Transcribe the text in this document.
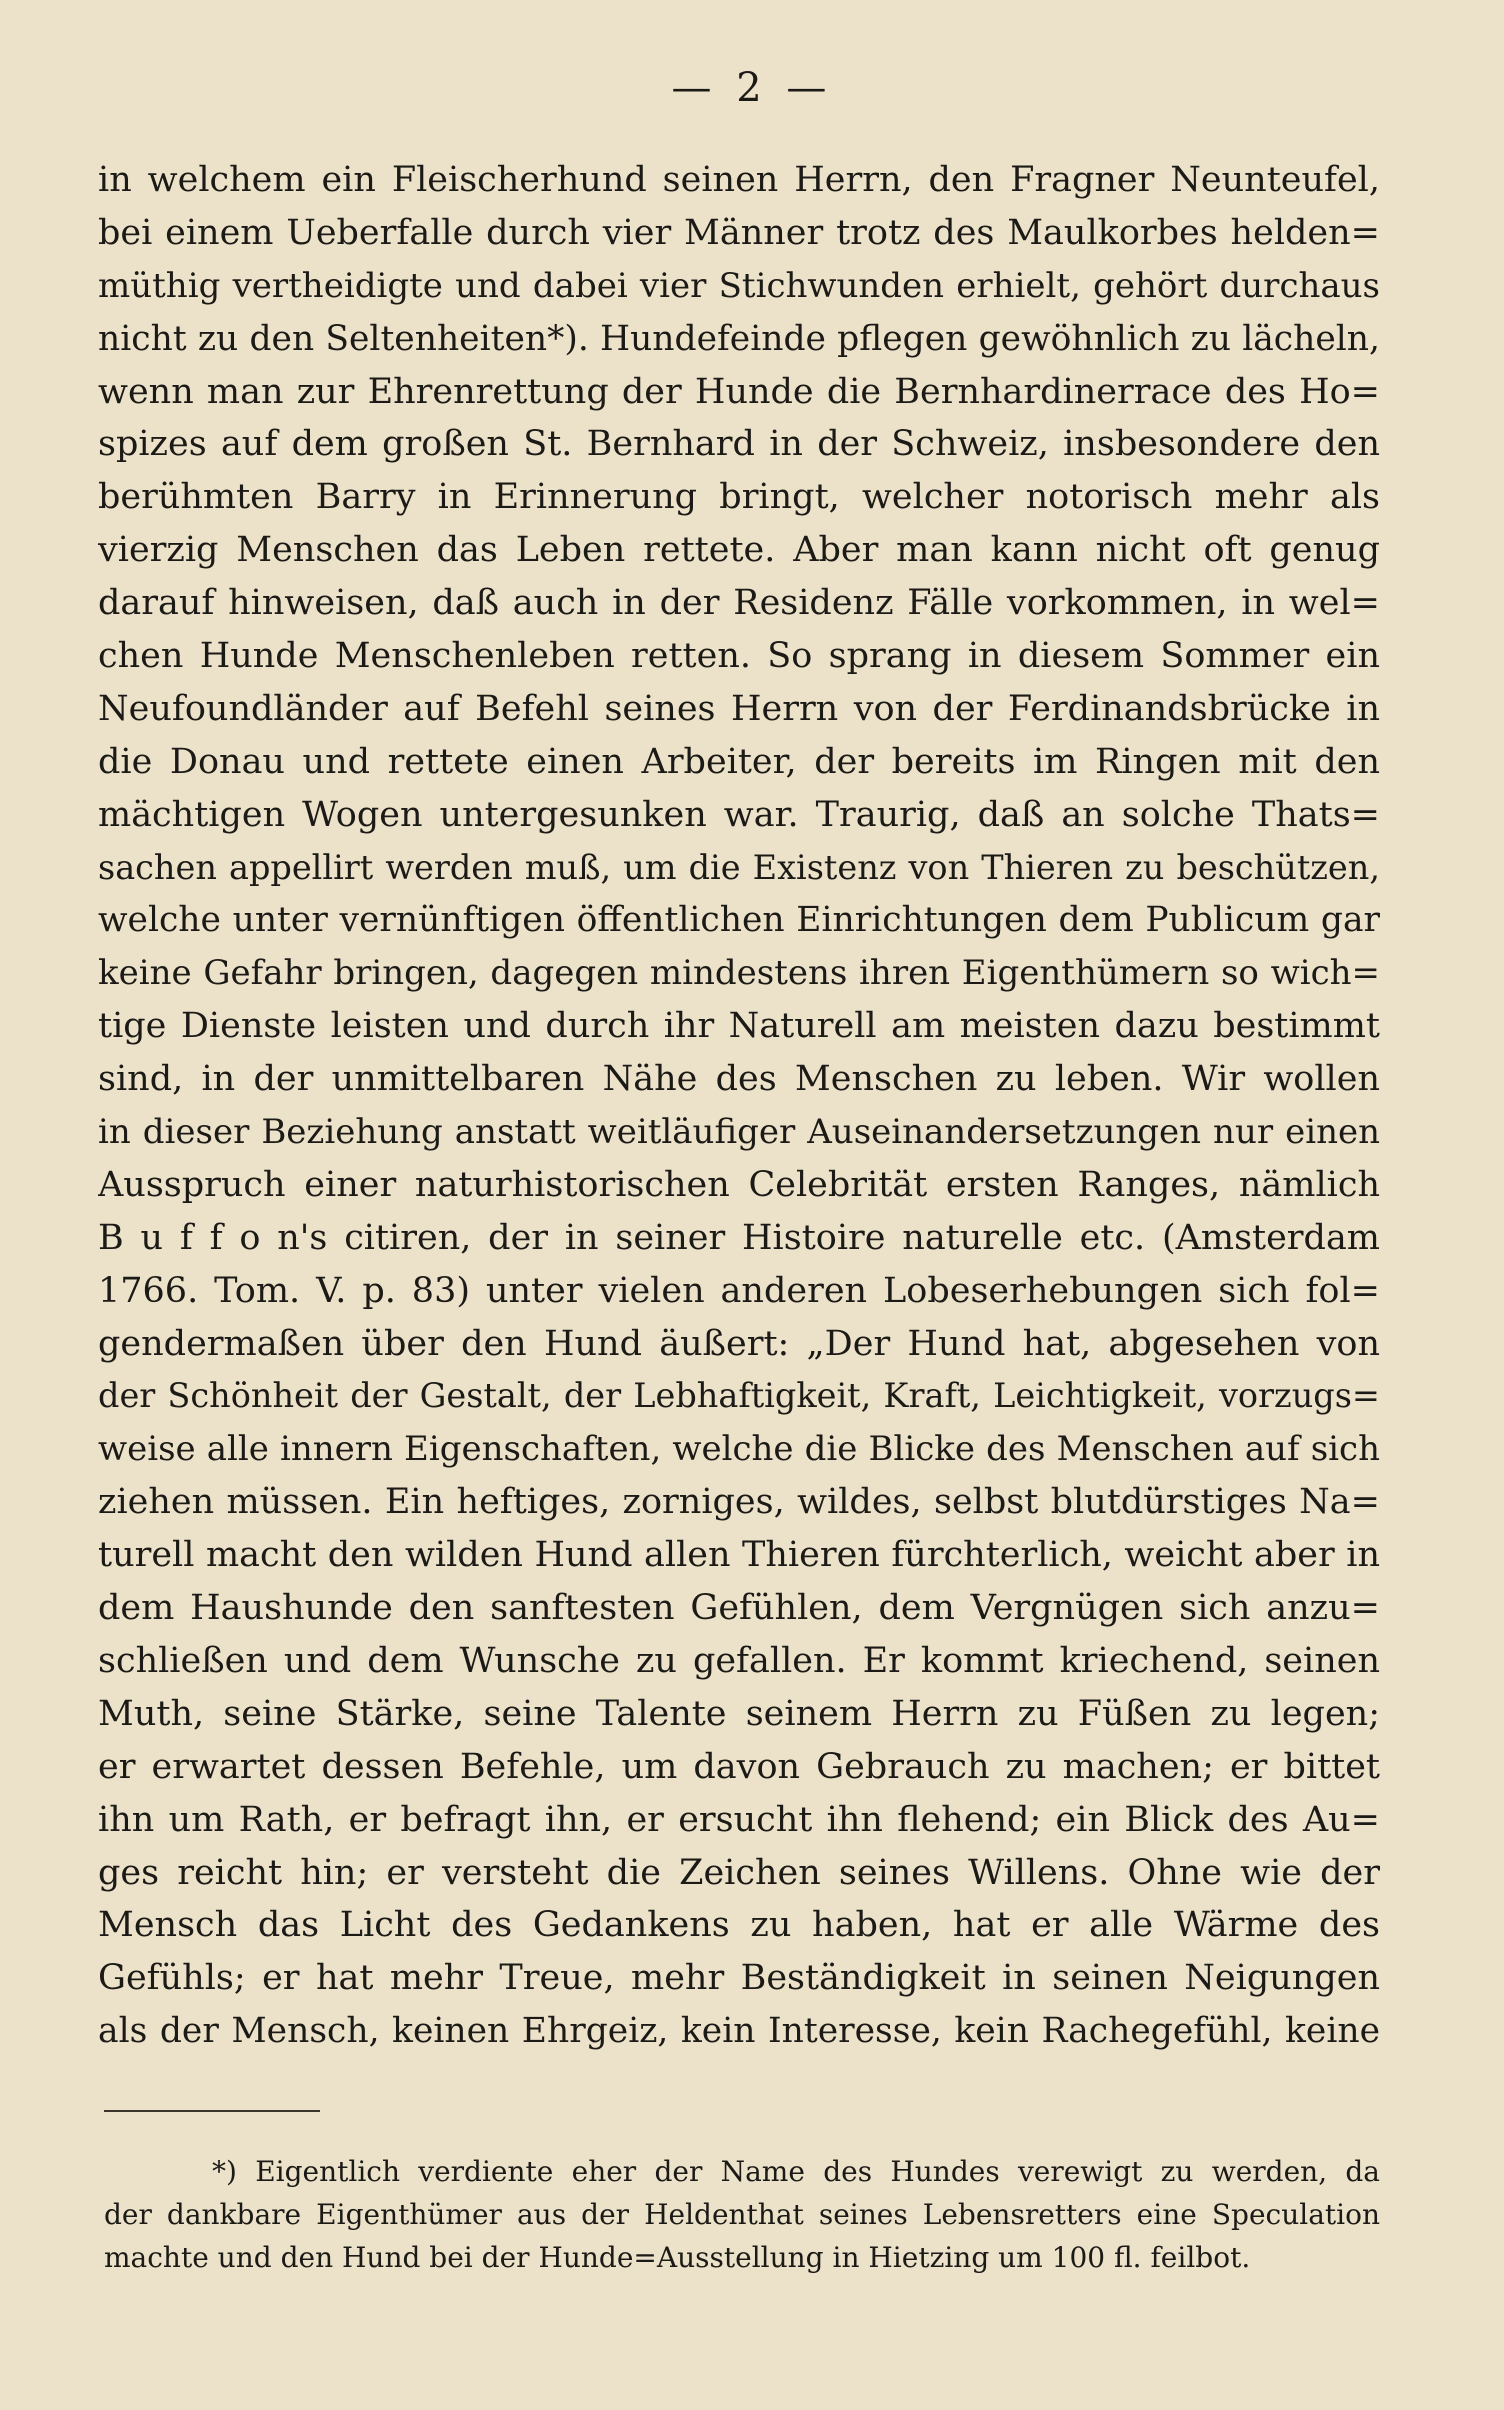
— 2 —
in welchem ein Fleischerhund seinen Herrn, den Fragner Neunteufel,
bei einem Ueberfalle durch vier Männer trotz des Maulkorbes helden=
müthig vertheidigte und dabei vier Stichwunden erhielt, gehört durchaus
nicht zu den Seltenheiten*). Hundefeinde pflegen gewöhnlich zu lächeln,
wenn man zur Ehrenrettung der Hunde die Bernhardinerrace des Ho=
spizes auf dem großen St. Bernhard in der Schweiz, insbesondere den
berühmten Barry in Erinnerung bringt, welcher notorisch mehr als
vierzig Menschen das Leben rettete. Aber man kann nicht oft genug
darauf hinweisen, daß auch in der Residenz Fälle vorkommen, in wel=
chen Hunde Menschenleben retten. So sprang in diesem Sommer ein
Neufoundländer auf Befehl seines Herrn von der Ferdinandsbrücke in
die Donau und rettete einen Arbeiter, der bereits im Ringen mit den
mächtigen Wogen untergesunken war. Traurig, daß an solche Thats=
sachen appellirt werden muß, um die Existenz von Thieren zu beschützen,
welche unter vernünftigen öffentlichen Einrichtungen dem Publicum gar
keine Gefahr bringen, dagegen mindestens ihren Eigenthümern so wich=
tige Dienste leisten und durch ihr Naturell am meisten dazu bestimmt
sind, in der unmittelbaren Nähe des Menschen zu leben. Wir wollen
in dieser Beziehung anstatt weitläufiger Auseinandersetzungen nur einen
Ausspruch einer naturhistorischen Celebrität ersten Ranges, nämlich
B u f f o n's citiren, der in seiner Histoire naturelle etc. (Amsterdam
1766. Tom. V. p. 83) unter vielen anderen Lobeserhebungen sich fol=
gendermaßen über den Hund äußert: „Der Hund hat, abgesehen von
der Schönheit der Gestalt, der Lebhaftigkeit, Kraft, Leichtigkeit, vorzugs=
weise alle innern Eigenschaften, welche die Blicke des Menschen auf sich
ziehen müssen. Ein heftiges, zorniges, wildes, selbst blutdürstiges Na=
turell macht den wilden Hund allen Thieren fürchterlich, weicht aber in
dem Haushunde den sanftesten Gefühlen, dem Vergnügen sich anzu=
schließen und dem Wunsche zu gefallen. Er kommt kriechend, seinen
Muth, seine Stärke, seine Talente seinem Herrn zu Füßen zu legen;
er erwartet dessen Befehle, um davon Gebrauch zu machen; er bittet
ihn um Rath, er befragt ihn, er ersucht ihn flehend; ein Blick des Au=
ges reicht hin; er versteht die Zeichen seines Willens. Ohne wie der
Mensch das Licht des Gedankens zu haben, hat er alle Wärme des
Gefühls; er hat mehr Treue, mehr Beständigkeit in seinen Neigungen
als der Mensch, keinen Ehrgeiz, kein Interesse, kein Rachegefühl, keine
*) Eigentlich verdiente eher der Name des Hundes verewigt zu werden, da
der dankbare Eigenthümer aus der Heldenthat seines Lebensretters eine Speculation
machte und den Hund bei der Hunde=Ausstellung in Hietzing um 100 fl. feilbot.
